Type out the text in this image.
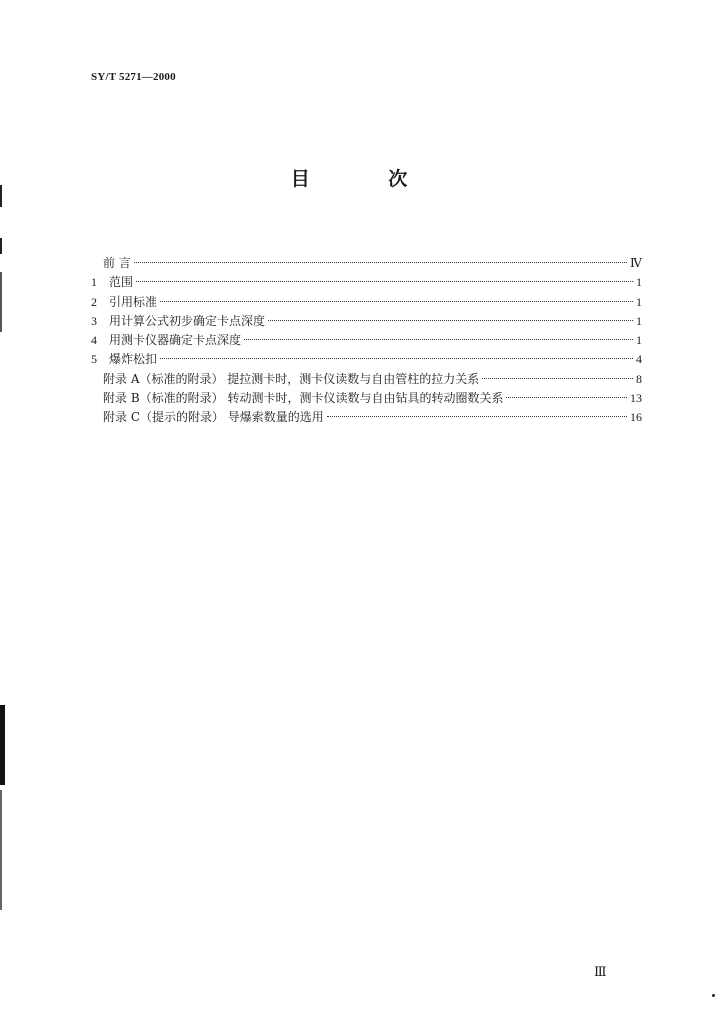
SY/T 5271—2000
目 次
前 言	Ⅳ
1 范围	1
2 引用标准	1
3 用计算公式初步确定卡点深度	1
4 用测卡仪器确定卡点深度	1
5 爆炸松扣	4
附录 A（标准的附录） 提拉测卡时，测卡仪读数与自由管柱的拉力关系	8
附录 B（标准的附录） 转动测卡时，测卡仪读数与自由钻具的转动圈数关系	13
附录 C（提示的附录） 导爆索数量的选用	16
Ⅲ
